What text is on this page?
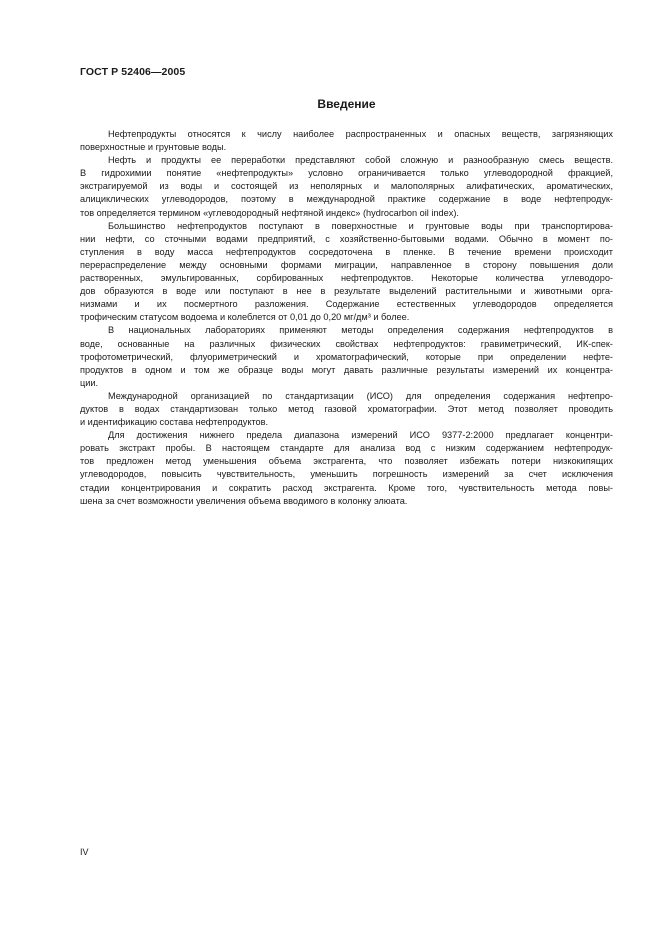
ГОСТ Р 52406—2005
Введение
Нефтепродукты относятся к числу наиболее распространенных и опасных веществ, загрязняющих
поверхностные и грунтовые воды.
Нефть и продукты ее переработки представляют собой сложную и разнообразную смесь веществ.
В гидрохимии понятие «нефтепродукты» условно ограничивается только углеводородной фракцией,
экстрагируемой из воды и состоящей из неполярных и малополярных алифатических, ароматических,
алициклических углеводородов, поэтому в международной практике содержание в воде нефтепродук-
тов определяется термином «углеводородный нефтяной индекс» (hydrocarbon oil index).
Большинство нефтепродуктов поступают в поверхностные и грунтовые воды при транспортирова-
нии нефти, со сточными водами предприятий, с хозяйственно-бытовыми водами. Обычно в момент по-
ступления в воду масса нефтепродуктов сосредоточена в пленке. В течение времени происходит
перераспределение между основными формами миграции, направленное в сторону повышения доли
растворенных, эмульгированных, сорбированных нефтепродуктов. Некоторые количества углеводоро-
дов образуются в воде или поступают в нее в результате выделений растительными и животными орга-
низмами и их посмертного разложения. Содержание естественных углеводородов определяется
трофическим статусом водоема и колеблется от 0,01 до 0,20 мг/дм³ и более.
В национальных лабораториях применяют методы определения содержания нефтепродуктов в
воде, основанные на различных физических свойствах нефтепродуктов: гравиметрический, ИК-спек-
трофотометрический, флуориметрический и хроматографический, которые при определении нефте-
продуктов в одном и том же образце воды могут давать различные результаты измерений их концентра-
ции.
Международной организацией по стандартизации (ИСО) для определения содержания нефтепро-
дуктов в водах стандартизован только метод газовой хроматографии. Этот метод позволяет проводить
и идентификацию состава нефтепродуктов.
Для достижения нижнего предела диапазона измерений ИСО 9377-2:2000 предлагает концентри-
ровать экстракт пробы. В настоящем стандарте для анализа вод с низким содержанием нефтепродук-
тов предложен метод уменьшения объема экстрагента, что позволяет избежать потери низкокипящих
углеводородов, повысить чувствительность, уменьшить погрешность измерений за счет исключения
стадии концентрирования и сократить расход экстрагента. Кроме того, чувствительность метода повы-
шена за счет возможности увеличения объема вводимого в колонку элюата.
IV
